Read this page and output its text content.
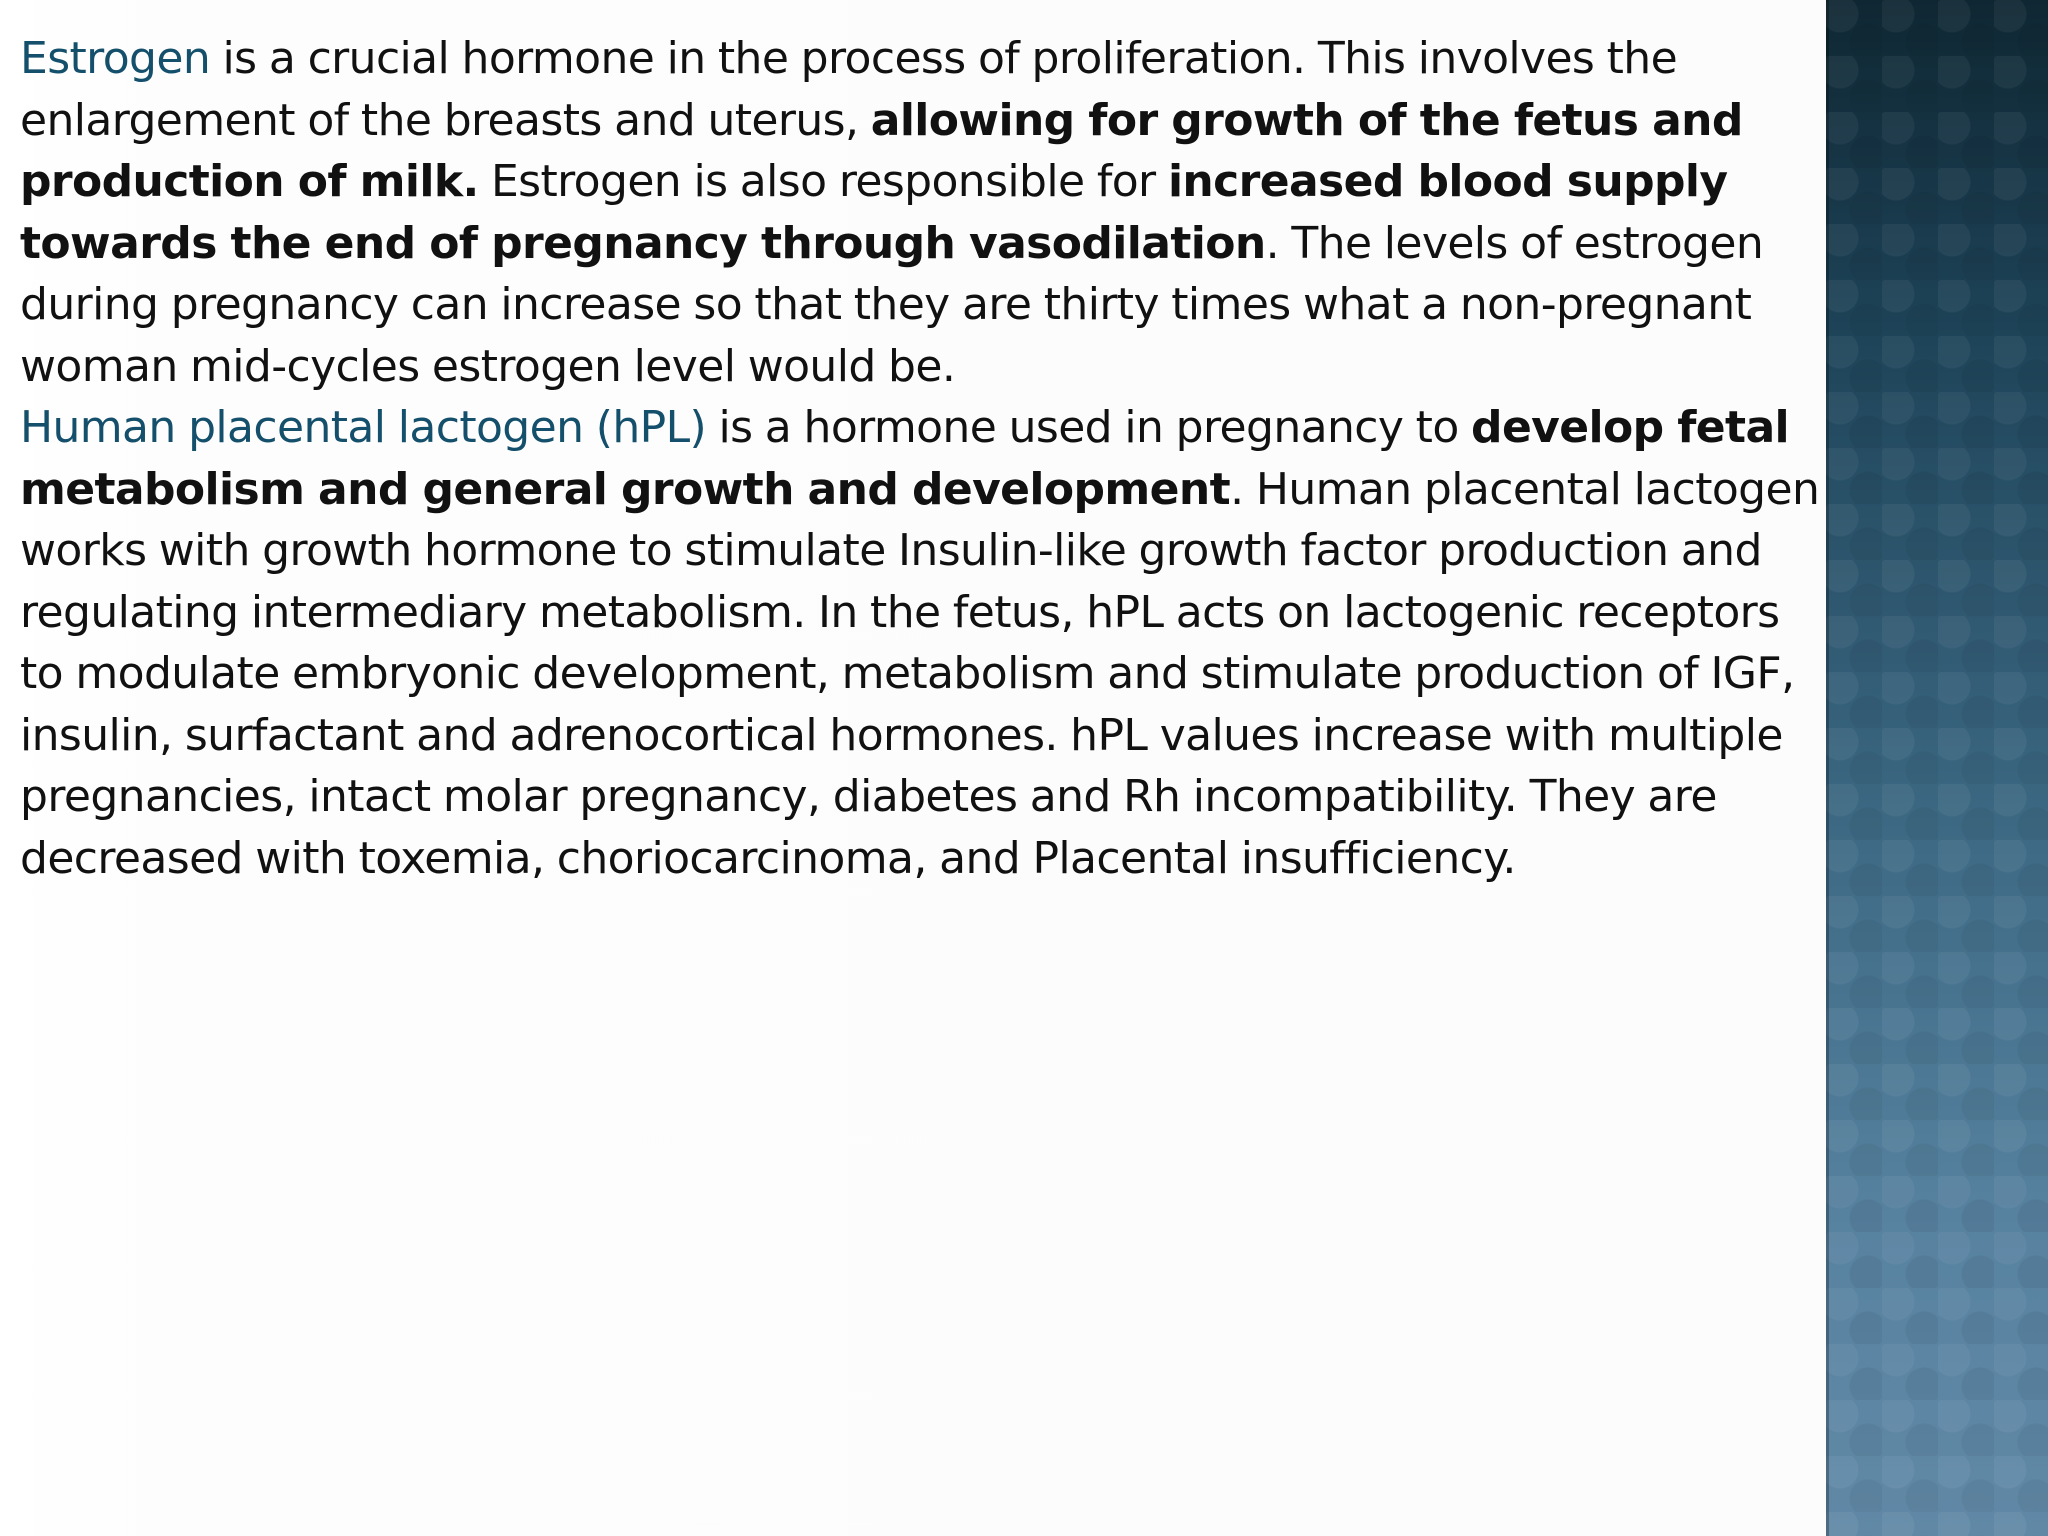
Estrogen is a crucial hormone in the process of proliferation. This involves the enlargement of the breasts and uterus, allowing for growth of the fetus and production of milk. Estrogen is also responsible for increased blood supply towards the end of pregnancy through vasodilation. The levels of estrogen during pregnancy can increase so that they are thirty times what a non-pregnant woman mid-cycles estrogen level would be.

Human placental lactogen (hPL) is a hormone used in pregnancy to develop fetal metabolism and general growth and development. Human placental lactogen works with growth hormone to stimulate Insulin-like growth factor production and regulating intermediary metabolism. In the fetus, hPL acts on lactogenic receptors to modulate embryonic development, metabolism and stimulate production of IGF, insulin, surfactant and adrenocortical hormones. hPL values increase with multiple pregnancies, intact molar pregnancy, diabetes and Rh incompatibility. They are decreased with toxemia, choriocarcinoma, and Placental insufficiency.
